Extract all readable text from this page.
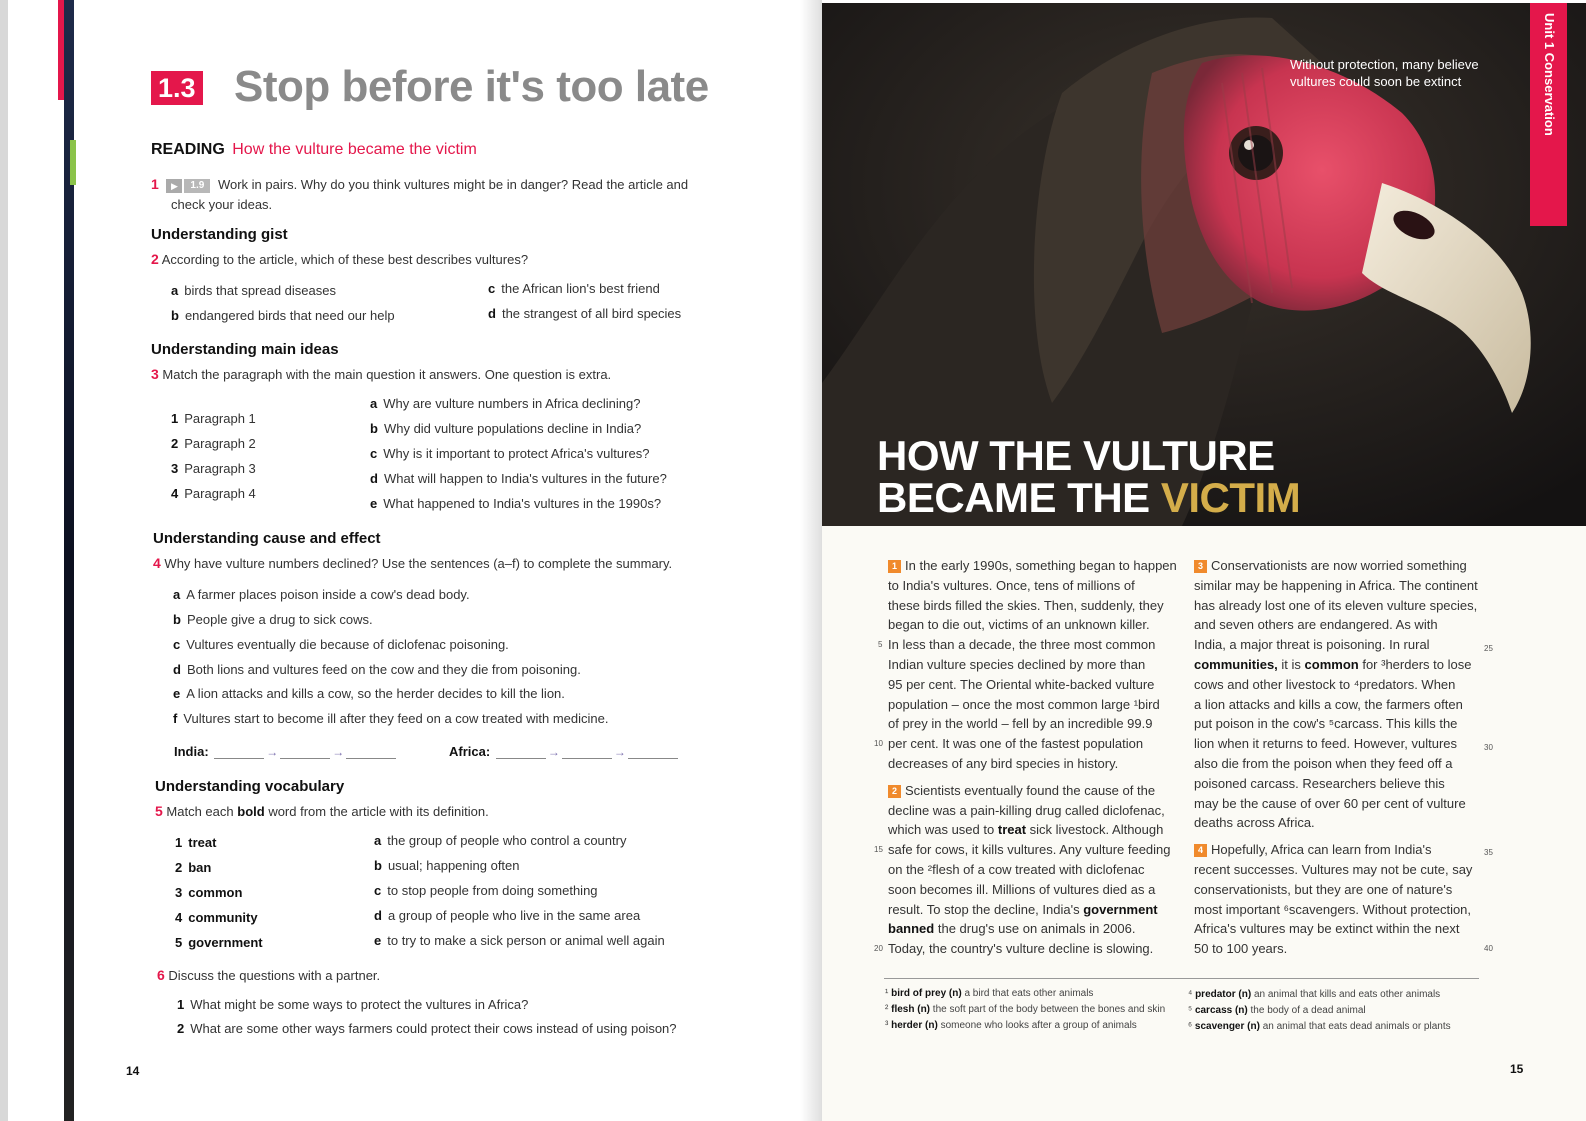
1.3 Stop before it's too late
READING How the vulture became the victim
1 ▶ 1.9 Work in pairs. Why do you think vultures might be in danger? Read the article and
check your ideas.
Understanding gist
2 According to the article, which of these best describes vultures?
a birds that spread diseases
b endangered birds that need our help
c the African lion's best friend
d the strangest of all bird species
Understanding main ideas
3 Match the paragraph with the main question it answers. One question is extra.
1 Paragraph 1
2 Paragraph 2
3 Paragraph 3
4 Paragraph 4
a Why are vulture numbers in Africa declining?
b Why did vulture populations decline in India?
c Why is it important to protect Africa's vultures?
d What will happen to India's vultures in the future?
e What happened to India's vultures in the 1990s?
Understanding cause and effect
4 Why have vulture numbers declined? Use the sentences (a–f) to complete the summary.
a A farmer places poison inside a cow's dead body.
b People give a drug to sick cows.
c Vultures eventually die because of diclofenac poisoning.
d Both lions and vultures feed on the cow and they die from poisoning.
e A lion attacks and kills a cow, so the herder decides to kill the lion.
f Vultures start to become ill after they feed on a cow treated with medicine.
India:	→	→	Africa:	→	→
Understanding vocabulary
5 Match each bold word from the article with its definition.
1 treat
2 ban
3 common
4 community
5 government
a the group of people who control a country
b usual; happening often
c to stop people from doing something
d a group of people who live in the same area
e to try to make a sick person or animal well again
6 Discuss the questions with a partner.
1 What might be some ways to protect the vultures in Africa?
2 What are some other ways farmers could protect their cows instead of using poison?
14
Without protection, many believe
vultures could soon be extinct
HOW THE VULTURE
BECAME THE VICTIM
Unit 1 Conservation
1 In the early 1990s, something began to happen
to India's vultures. Once, tens of millions of
these birds filled the skies. Then, suddenly, they
began to die out, victims of an unknown killer.
In less than a decade, the three most common
Indian vulture species declined by more than
95 per cent. The Oriental white-backed vulture
population – once the most common large ¹bird
of prey in the world – fell by an incredible 99.9
per cent. It was one of the fastest population
decreases of any bird species in history.
2 Scientists eventually found the cause of the
decline was a pain-killing drug called diclofenac,
which was used to treat sick livestock. Although
safe for cows, it kills vultures. Any vulture feeding
on the ²flesh of a cow treated with diclofenac
soon becomes ill. Millions of vultures died as a
result. To stop the decline, India's government
banned the drug's use on animals in 2006.
Today, the country's vulture decline is slowing.
3 Conservationists are now worried something
similar may be happening in Africa. The continent
has already lost one of its eleven vulture species,
and seven others are endangered. As with
India, a major threat is poisoning. In rural
communities, it is common for ³herders to lose
cows and other livestock to ⁴predators. When
a lion attacks and kills a cow, the farmers often
put poison in the cow's ⁵carcass. This kills the
lion when it returns to feed. However, vultures
also die from the poison when they feed off a
poisoned carcass. Researchers believe this
may be the cause of over 60 per cent of vulture
deaths across Africa.
4 Hopefully, Africa can learn from India's
recent successes. Vultures may not be cute, say
conservationists, but they are one of nature's
most important ⁶scavengers. Without protection,
Africa's vultures may be extinct within the next
50 to 100 years.
5
10
15
20
25
30
35
40
¹ bird of prey (n) a bird that eats other animals
² flesh (n) the soft part of the body between the bones and skin
³ herder (n) someone who looks after a group of animals
⁴ predator (n) an animal that kills and eats other animals
⁵ carcass (n) the body of a dead animal
⁶ scavenger (n) an animal that eats dead animals or plants
15
